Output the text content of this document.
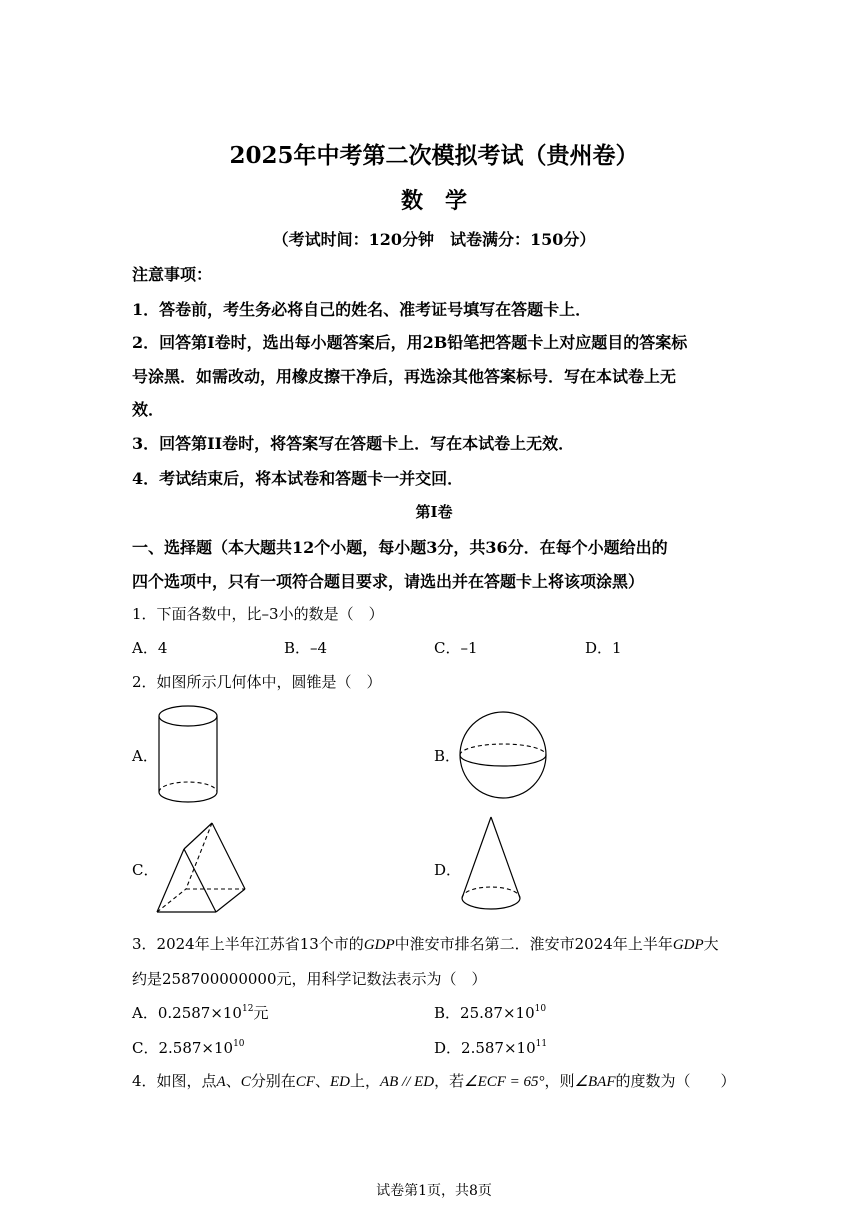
2025年中考第二次模拟考试（贵州卷）
数　学
（考试时间：120分钟　试卷满分：150分）
注意事项：
1．答卷前，考生务必将自己的姓名、准考证号填写在答题卡上．
2．回答第Ⅰ卷时，选出每小题答案后，用2B铅笔把答题卡上对应题目的答案标
号涂黑．如需改动，用橡皮擦干净后，再选涂其他答案标号．写在本试卷上无
效．
3．回答第II卷时，将答案写在答题卡上．写在本试卷上无效．
4．考试结束后，将本试卷和答题卡一并交回．
第Ⅰ卷
一、选择题（本大题共12个小题，每小题3分，共36分．在每个小题给出的
四个选项中，只有一项符合题目要求，请选出并在答题卡上将该项涂黑）
1．下面各数中，比–3小的数是（　）
A．4	B．–4	C．–1	D．1
2．如图所示几何体中，圆锥是（　）
A．	B．
C．	D．
3．2024年上半年江苏省13个市的GDP中淮安市排名第二．淮安市2024年上半年GDP大
约是258700000000元，用科学记数法表示为（　）
A．$0.2587\times 10^{12}$元	B．$25.87\times 10^{10}$
C．$2.587\times 10^{10}$	D．$2.587\times 10^{11}$
4．如图，点A、C分别在CF、ED上，AB // ED，若∠ECF = 65°，则∠BAF的度数为（　　）
试卷第1页，共8页
